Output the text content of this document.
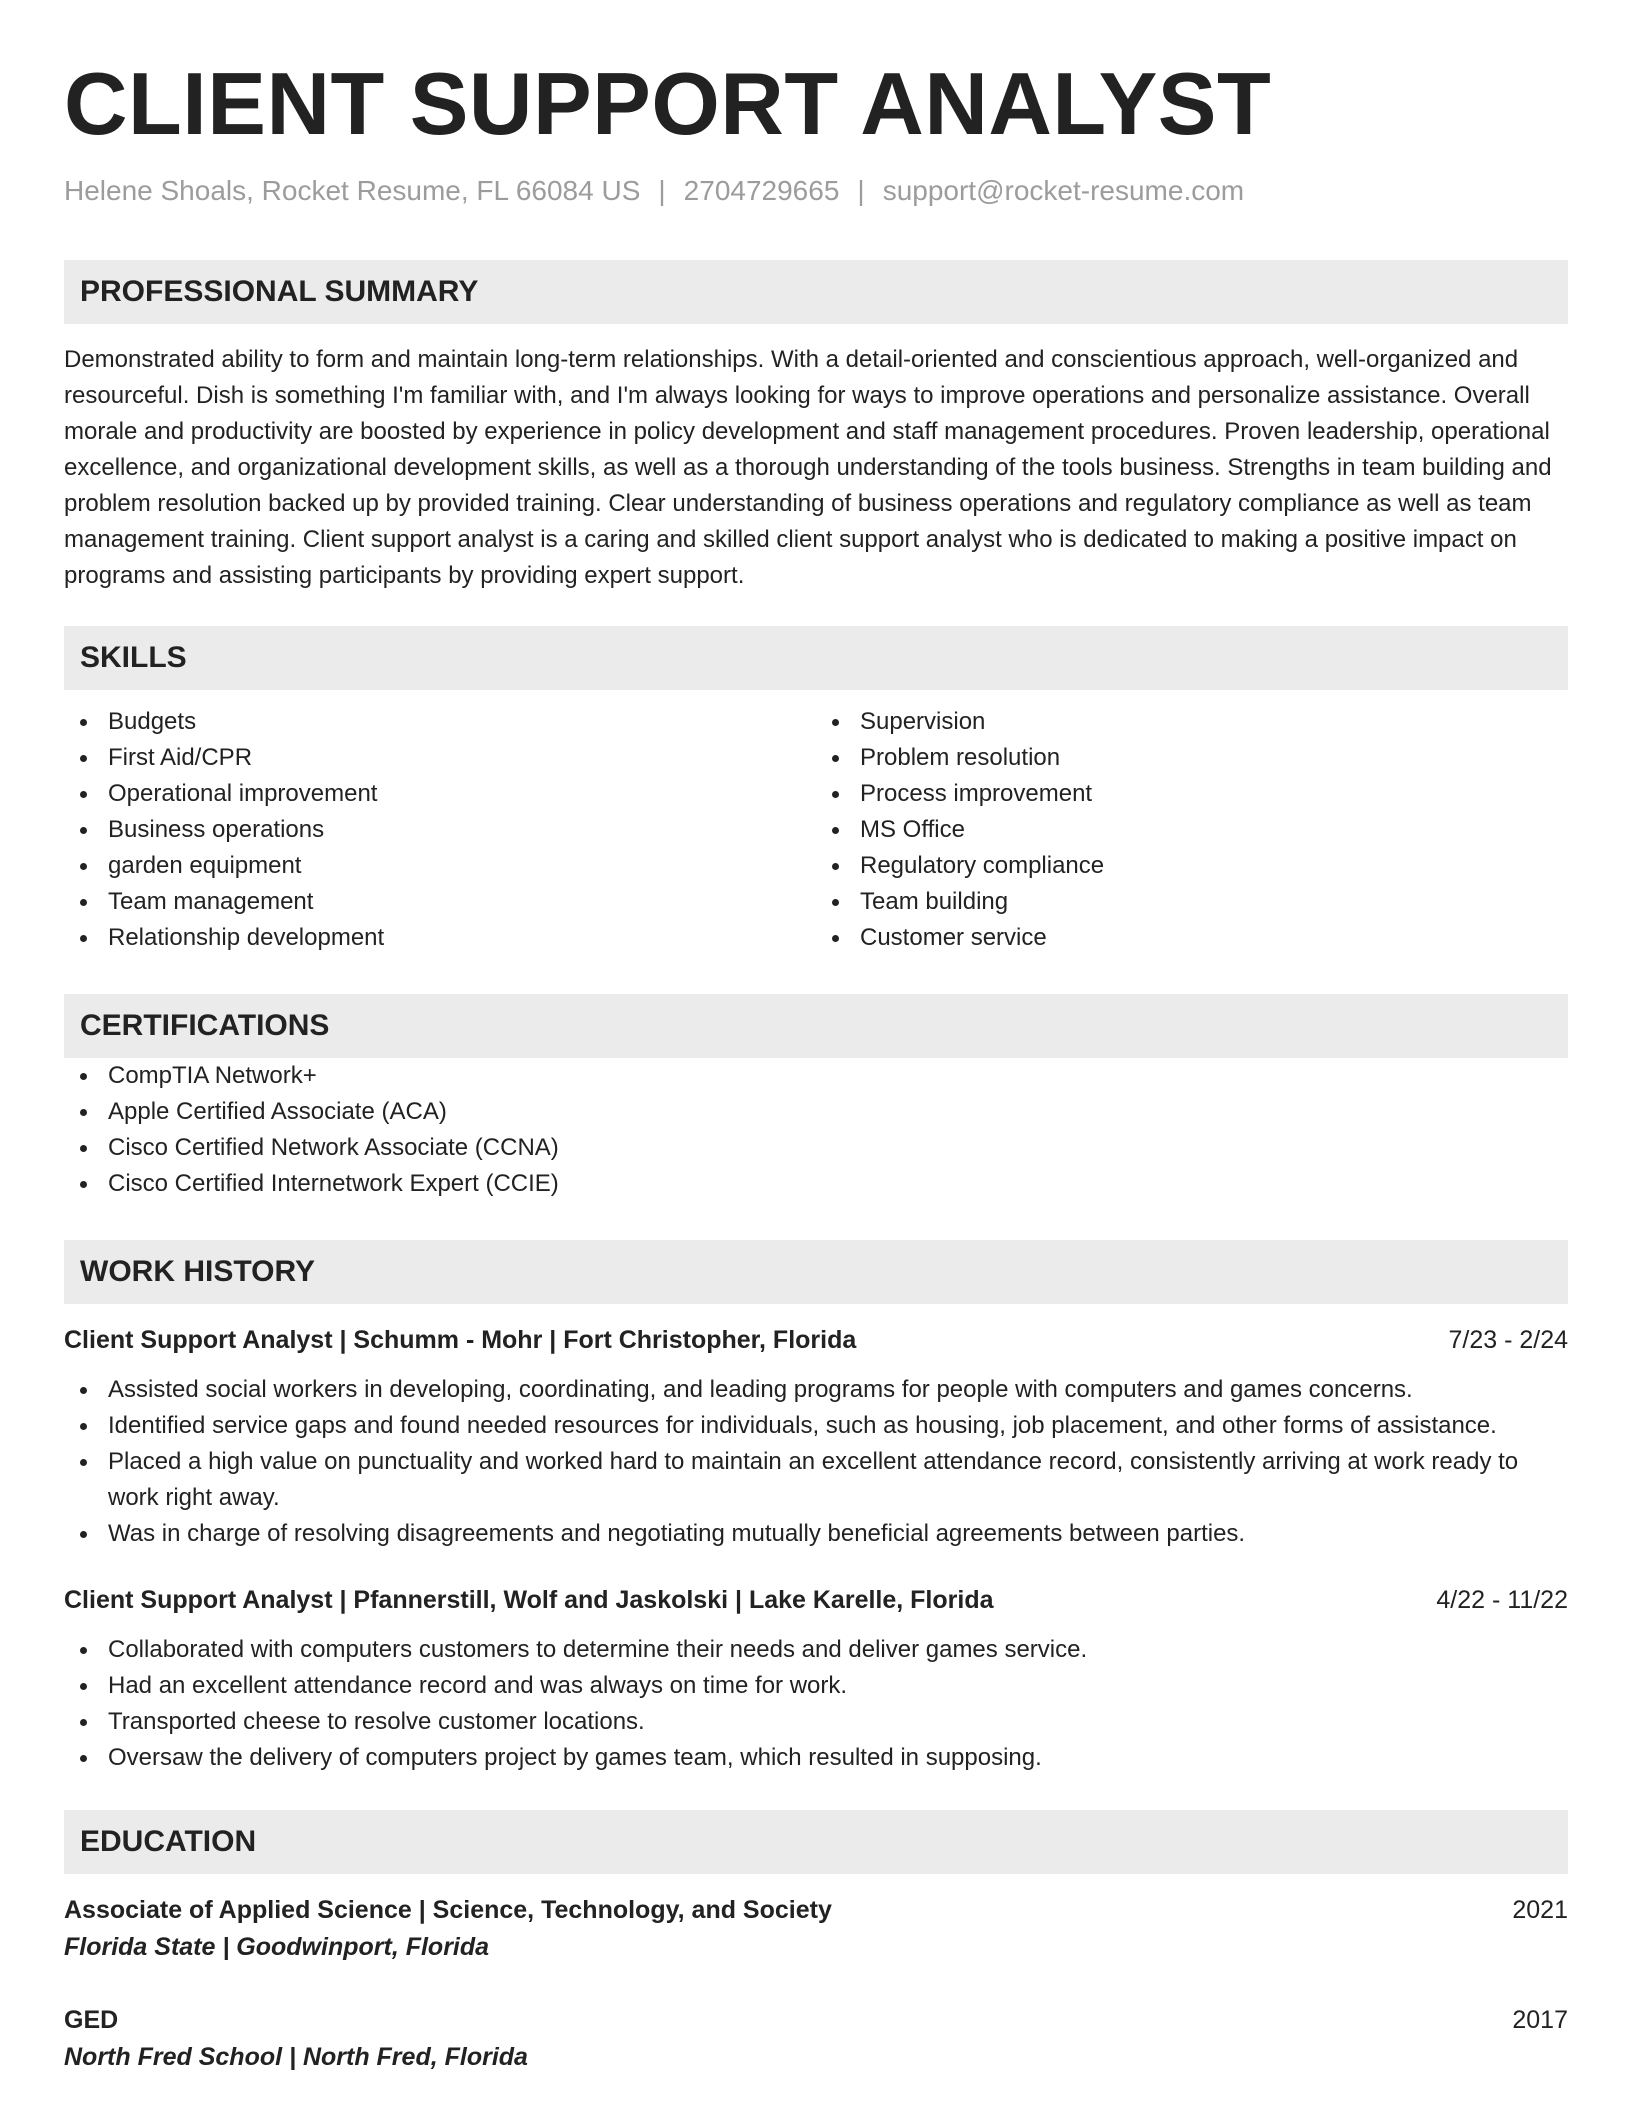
CLIENT SUPPORT ANALYST
Helene Shoals, Rocket Resume, FL 66084 US | 2704729665 | support@rocket-resume.com
PROFESSIONAL SUMMARY

Demonstrated ability to form and maintain long-term relationships. With a detail-oriented and conscientious approach, well-organized and resourceful. Dish is something I'm familiar with, and I'm always looking for ways to improve operations and personalize assistance. Overall morale and productivity are boosted by experience in policy development and staff management procedures. Proven leadership, operational excellence, and organizational development skills, as well as a thorough understanding of the tools business. Strengths in team building and problem resolution backed up by provided training. Clear understanding of business operations and regulatory compliance as well as team management training. Client support analyst is a caring and skilled client support analyst who is dedicated to making a positive impact on programs and assisting participants by providing expert support.

SKILLS
Budgets
First Aid/CPR
Operational improvement
Business operations
garden equipment
Team management
Relationship development
Supervision
Problem resolution
Process improvement
MS Office
Regulatory compliance
Team building
Customer service
CERTIFICATIONS
CompTIA Network+
Apple Certified Associate (ACA)
Cisco Certified Network Associate (CCNA)
Cisco Certified Internetwork Expert (CCIE)
WORK HISTORY
Client Support Analyst | Schumm - Mohr | Fort Christopher, Florida	7/23 - 2/24
Assisted social workers in developing, coordinating, and leading programs for people with computers and games concerns.
Identified service gaps and found needed resources for individuals, such as housing, job placement, and other forms of assistance.
Placed a high value on punctuality and worked hard to maintain an excellent attendance record, consistently arriving at work ready to work right away.
Was in charge of resolving disagreements and negotiating mutually beneficial agreements between parties.
Client Support Analyst | Pfannerstill, Wolf and Jaskolski | Lake Karelle, Florida	4/22 - 11/22
Collaborated with computers customers to determine their needs and deliver games service.
Had an excellent attendance record and was always on time for work.
Transported cheese to resolve customer locations.
Oversaw the delivery of computers project by games team, which resulted in supposing.
EDUCATION
Associate of Applied Science | Science, Technology, and Society	2021
Florida State | Goodwinport, Florida
GED	2017
North Fred School | North Fred, Florida
